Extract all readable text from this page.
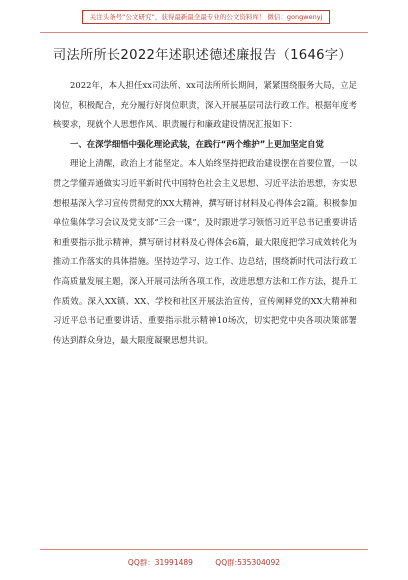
关注头条号“公文研究”，获得最新最全最专业的公文资料库！ 微信：gongwenyj
司法所所长2022年述职述德述廉报告（1646字）

2022年，本人担任xx司法所、xx司法所所长期间，紧紧围绕服务大局，立足岗位，积极配合，充分履行好岗位职责，深入开展基层司法行政工作。根据年度考核要求，现就个人思想作风、职责履行和廉政建设情况汇报如下：

一、在深学细悟中强化理论武装，在践行“两个维护”上更加坚定自觉

理论上清醒，政治上才能坚定。本人始终坚持把政治建设摆在首要位置，一以贯之学懂弄通做实习近平新时代中国特色社会主义思想、习近平法治思想，夯实思想根基深入学习宣传贯彻党的XX大精神，撰写研讨材料及心得体会2篇。积极参加单位集体学习会议及党支部“三会一课”，及时跟进学习领悟习近平总书记重要讲话和重要指示批示精神，撰写研讨材料及心得体会6篇，最大限度把学习成效转化为推动工作落实的具体措施。坚持边学习、边工作、边总结，围绕新时代司法行政工作高质量发展主题，深入开展司法所各项工作，改进思想方法和工作方法，提升工作质效。深入XX镇、XX、学校和社区开展法治宣传，宣传阐释党的XX大精神和习近平总书记重要讲话、重要指示批示精神10场次，切实把党中央各项决策部署传达到群众身边，最大限度凝聚思想共识。

QQ群：31991489	QQ群:535304092
